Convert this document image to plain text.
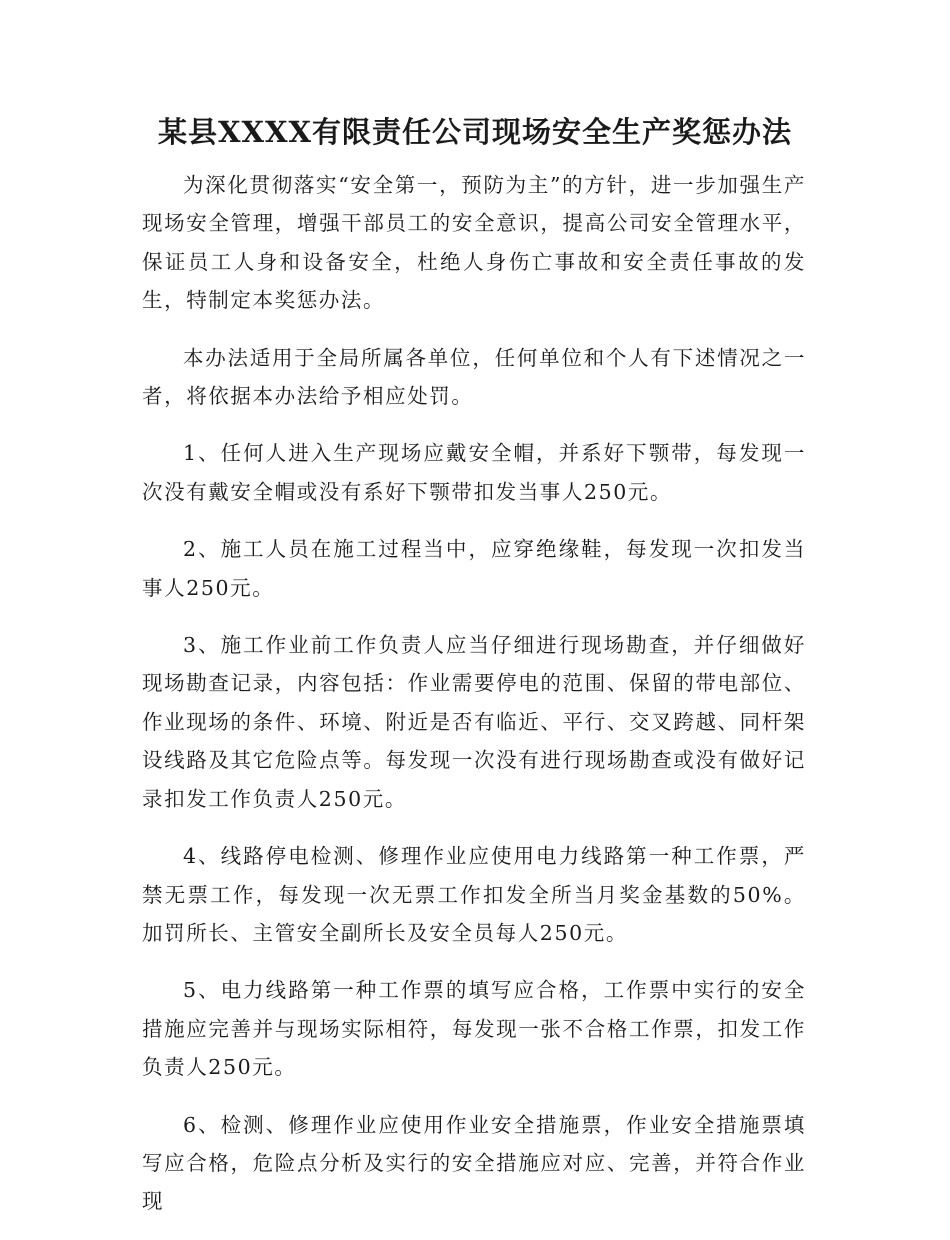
某县XXXX有限责任公司现场安全生产奖惩办法

为深化贯彻落实“安全第一，预防为主”的方针，进一步加强生产现场安全管理，增强干部员工的安全意识，提高公司安全管理水平，保证员工人身和设备安全，杜绝人身伤亡事故和安全责任事故的发生，特制定本奖惩办法。

本办法适用于全局所属各单位，任何单位和个人有下述情况之一者，将依据本办法给予相应处罚。

1、任何人进入生产现场应戴安全帽，并系好下颚带，每发现一次没有戴安全帽或没有系好下颚带扣发当事人250元。

2、施工人员在施工过程当中，应穿绝缘鞋，每发现一次扣发当事人250元。

3、施工作业前工作负责人应当仔细进行现场勘查，并仔细做好现场勘查记录，内容包括：作业需要停电的范围、保留的带电部位、作业现场的条件、环境、附近是否有临近、平行、交叉跨越、同杆架设线路及其它危险点等。每发现一次没有进行现场勘查或没有做好记录扣发工作负责人250元。

4、线路停电检测、修理作业应使用电力线路第一种工作票，严禁无票工作，每发现一次无票工作扣发全所当月奖金基数的50%。加罚所长、主管安全副所长及安全员每人250元。

5、电力线路第一种工作票的填写应合格，工作票中实行的安全措施应完善并与现场实际相符，每发现一张不合格工作票，扣发工作负责人250元。

6、检测、修理作业应使用作业安全措施票，作业安全措施票填写应合格，危险点分析及实行的安全措施应对应、完善，并符合作业现
